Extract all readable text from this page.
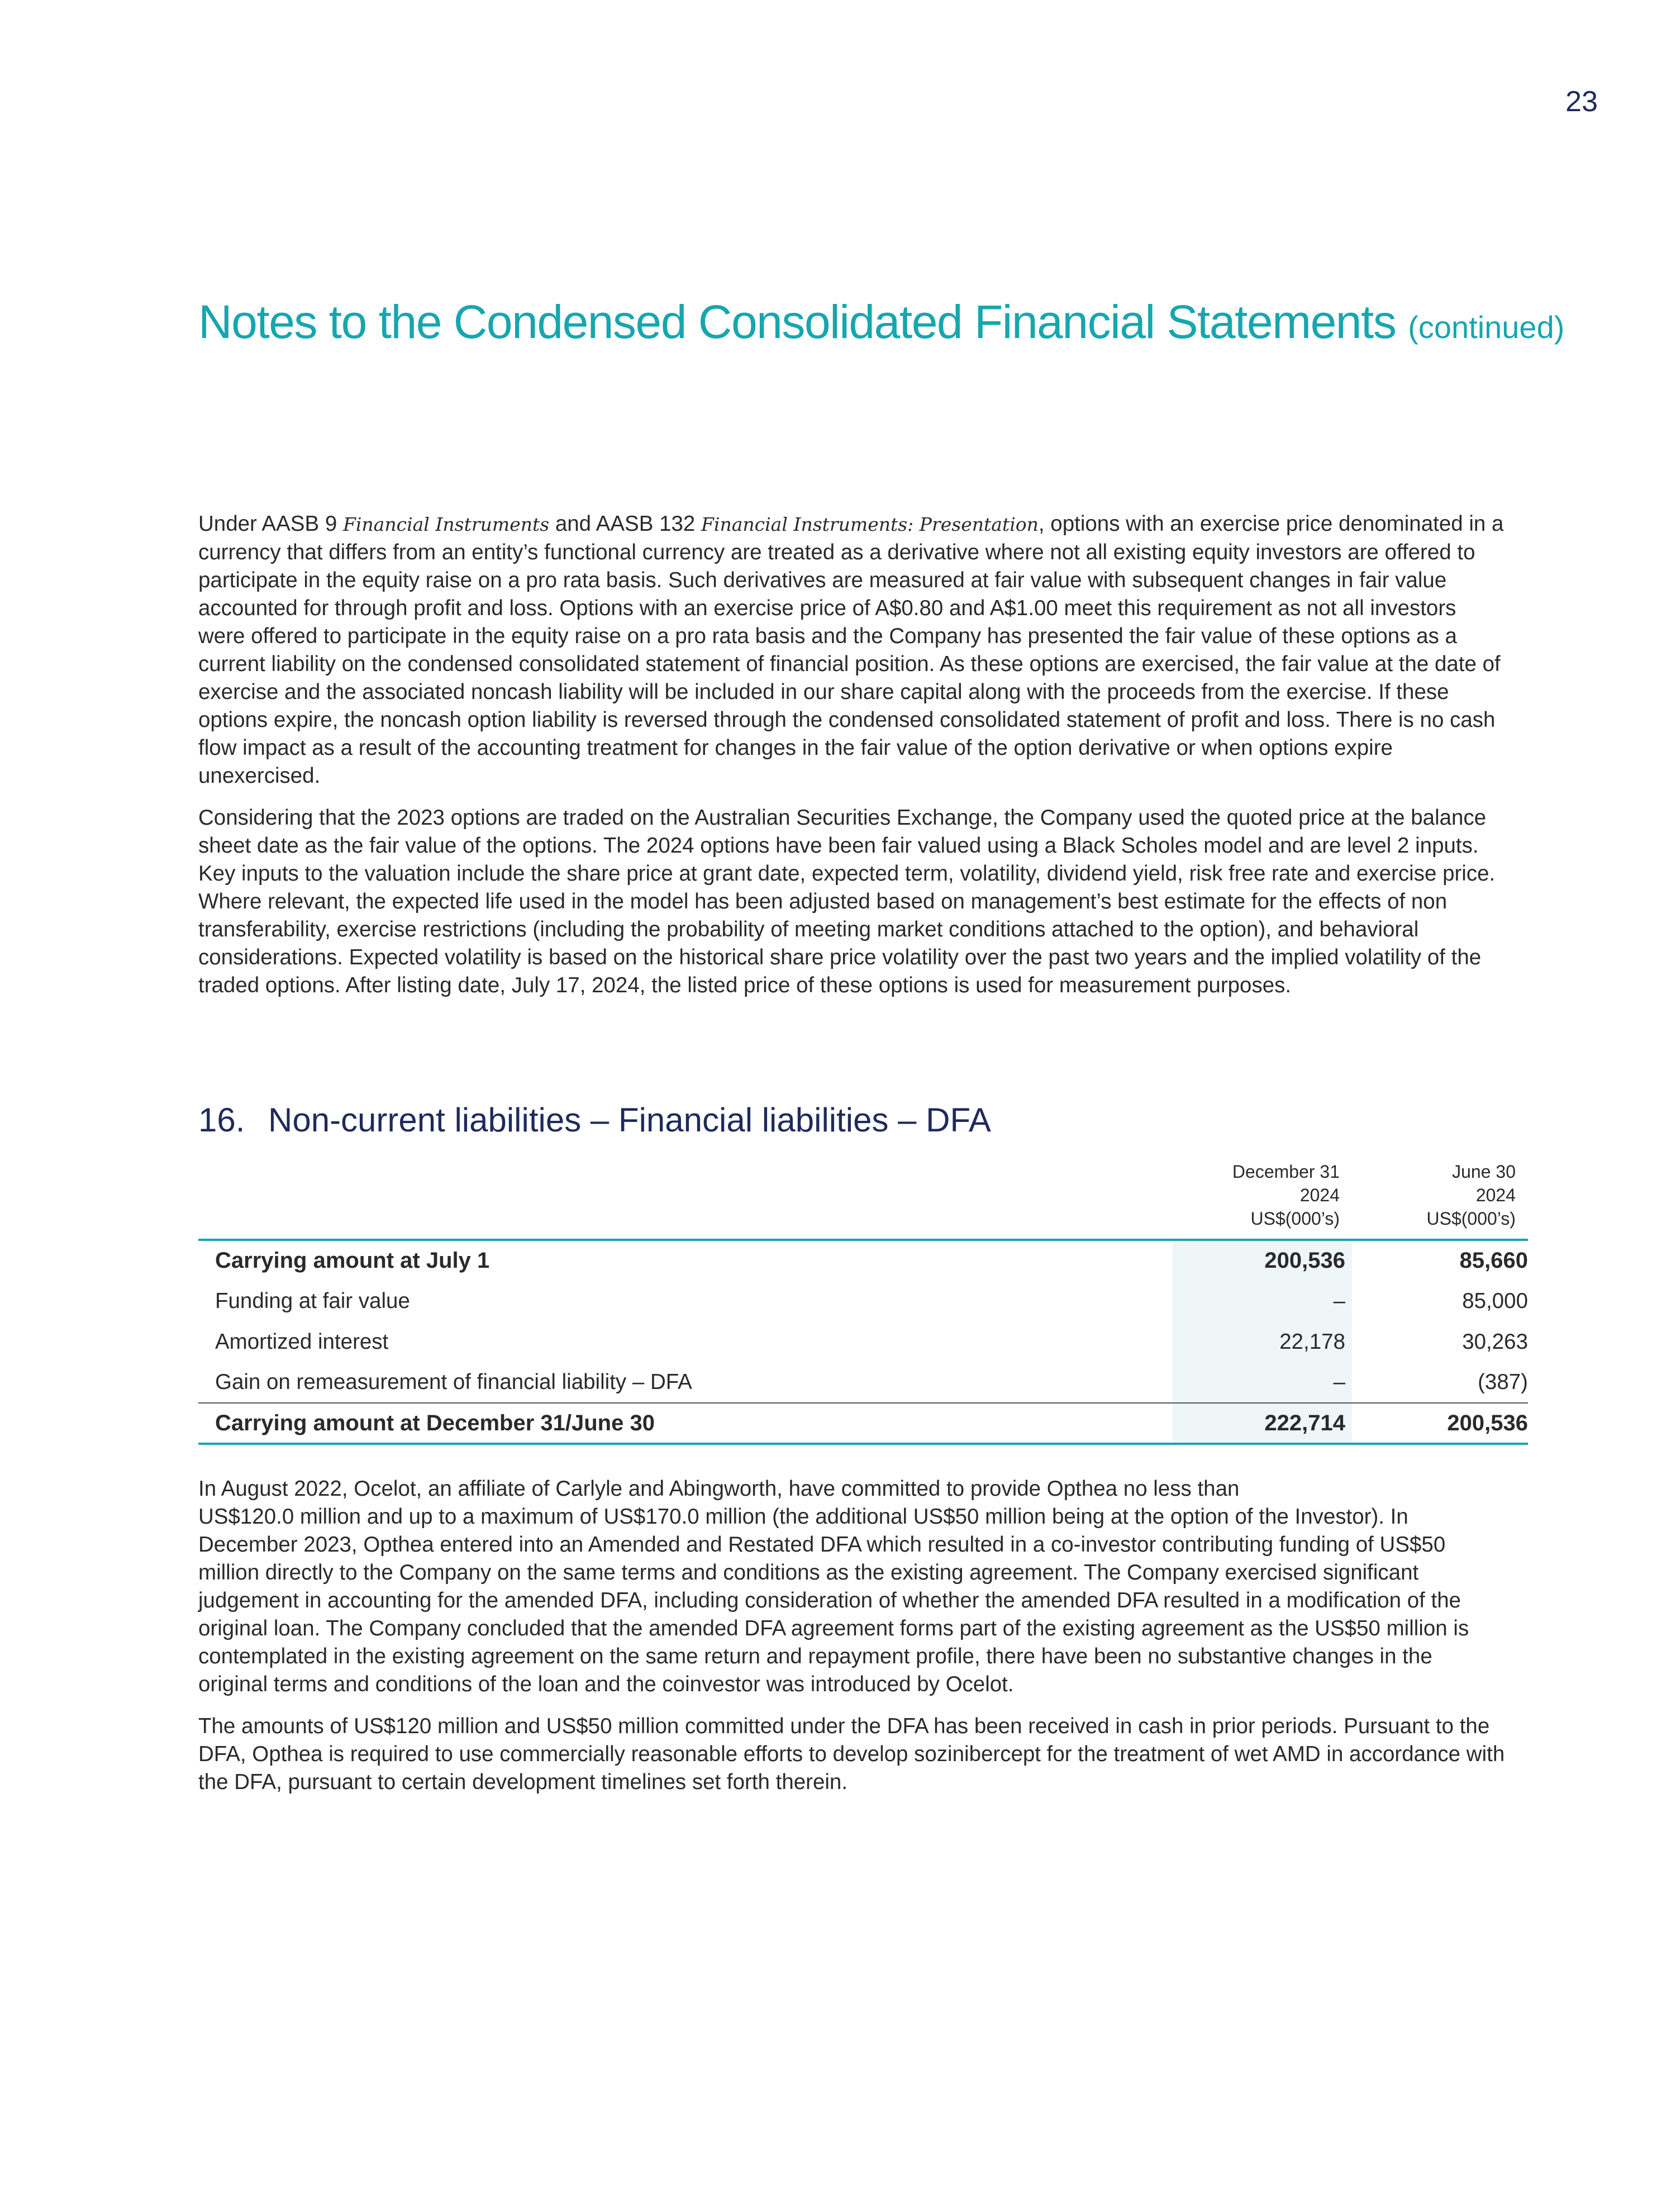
23
Notes to the Condensed Consolidated Financial Statements (continued)

Under AASB 9 Financial Instruments and AASB 132 Financial Instruments: Presentation, options with an exercise price denominated in a currency that differs from an entity’s functional currency are treated as a derivative where not all existing equity investors are offered to participate in the equity raise on a pro rata basis. Such derivatives are measured at fair value with subsequent changes in fair value accounted for through profit and loss. Options with an exercise price of A$0.80 and A$1.00 meet this requirement as not all investors were offered to participate in the equity raise on a pro rata basis and the Company has presented the fair value of these options as a current liability on the condensed consolidated statement of financial position. As these options are exercised, the fair value at the date of exercise and the associated noncash liability will be included in our share capital along with the proceeds from the exercise. If these options expire, the noncash option liability is reversed through the condensed consolidated statement of profit and loss. There is no cash flow impact as a result of the accounting treatment for changes in the fair value of the option derivative or when options expire unexercised.

Considering that the 2023 options are traded on the Australian Securities Exchange, the Company used the quoted price at the balance sheet date as the fair value of the options. The 2024 options have been fair valued using a Black Scholes model and are level 2 inputs. Key inputs to the valuation include the share price at grant date, expected term, volatility, dividend yield, risk free rate and exercise price. Where relevant, the expected life used in the model has been adjusted based on management’s best estimate for the effects of non transferability, exercise restrictions (including the probability of meeting market conditions attached to the option), and behavioral considerations. Expected volatility is based on the historical share price volatility over the past two years and the implied volatility of the traded options. After listing date, July 17, 2024, the listed price of these options is used for measurement purposes.

16. Non-current liabilities – Financial liabilities – DFA
December 31
2024
US$(000’s)
June 30
2024
US$(000’s)
Carrying amount at July 1	200,536	85,660
Funding at fair value	–	85,000
Amortized interest	22,178	30,263
Gain on remeasurement of financial liability – DFA	–	(387)
Carrying amount at December 31/June 30	222,714	200,536

In August 2022, Ocelot, an affiliate of Carlyle and Abingworth, have committed to provide Opthea no less than
US$120.0 million and up to a maximum of US$170.0 million (the additional US$50 million being at the option of the Investor). In December 2023, Opthea entered into an Amended and Restated DFA which resulted in a co-investor contributing funding of US$50 million directly to the Company on the same terms and conditions as the existing agreement. The Company exercised significant judgement in accounting for the amended DFA, including consideration of whether the amended DFA resulted in a modification of the original loan. The Company concluded that the amended DFA agreement forms part of the existing agreement as the US$50 million is contemplated in the existing agreement on the same return and repayment profile, there have been no substantive changes in the original terms and conditions of the loan and the coinvestor was introduced by Ocelot.

The amounts of US$120 million and US$50 million committed under the DFA has been received in cash in prior periods. Pursuant to the DFA, Opthea is required to use commercially reasonable efforts to develop sozinibercept for the treatment of wet AMD in accordance with the DFA, pursuant to certain development timelines set forth therein.
